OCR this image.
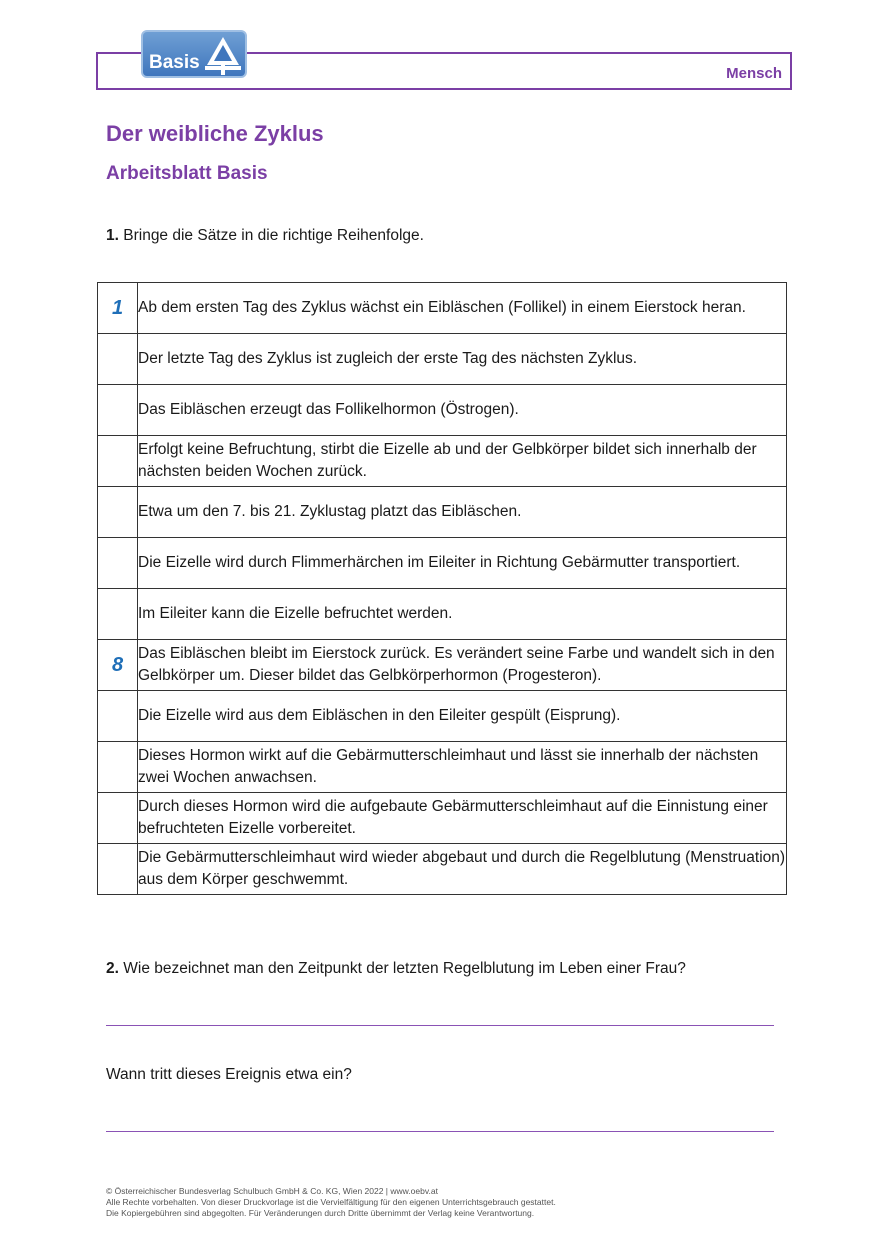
Mensch
Basis
Der weibliche Zyklus
Arbeitsblatt Basis
1. Bringe die Sätze in die richtige Reihenfolge.
1	Ab dem ersten Tag des Zyklus wächst ein Eibläschen (Follikel) in einem Eierstock heran.
	Der letzte Tag des Zyklus ist zugleich der erste Tag des nächsten Zyklus.
	Das Eibläschen erzeugt das Follikelhormon (Östrogen).
	Erfolgt keine Befruchtung, stirbt die Eizelle ab und der Gelbkörper bildet sich innerhalb der nächsten beiden Wochen zurück.
	Etwa um den 7. bis 21. Zyklustag platzt das Eibläschen.
	Die Eizelle wird durch Flimmerhärchen im Eileiter in Richtung Gebärmutter transportiert.
	Im Eileiter kann die Eizelle befruchtet werden.
8	Das Eibläschen bleibt im Eierstock zurück. Es verändert seine Farbe und wandelt sich in den Gelbkörper um. Dieser bildet das Gelbkörperhormon (Progesteron).
	Die Eizelle wird aus dem Eibläschen in den Eileiter gespült (Eisprung).
	Dieses Hormon wirkt auf die Gebärmutterschleimhaut und lässt sie innerhalb der nächsten zwei Wochen anwachsen.
	Durch dieses Hormon wird die aufgebaute Gebärmutterschleimhaut auf die Einnistung einer befruchteten Eizelle vorbereitet.
	Die Gebärmutterschleimhaut wird wieder abgebaut und durch die Regelblutung (Menstruation) aus dem Körper geschwemmt.
2. Wie bezeichnet man den Zeitpunkt der letzten Regelblutung im Leben einer Frau?
Wann tritt dieses Ereignis etwa ein?
© Österreichischer Bundesverlag Schulbuch GmbH & Co. KG, Wien 2022 | www.oebv.at
Alle Rechte vorbehalten. Von dieser Druckvorlage ist die Vervielfältigung für den eigenen Unterrichtsgebrauch gestattet.
Die Kopiergebühren sind abgegolten. Für Veränderungen durch Dritte übernimmt der Verlag keine Verantwortung.
